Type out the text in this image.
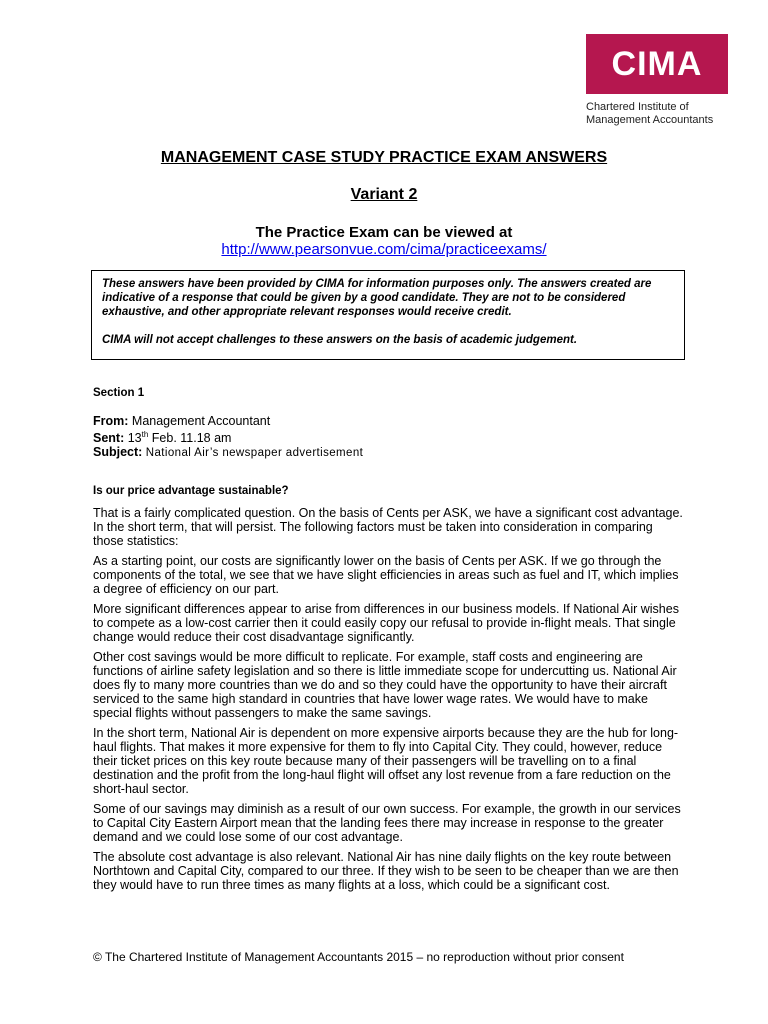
CIMA
Chartered Institute of
Management Accountants
MANAGEMENT CASE STUDY PRACTICE EXAM ANSWERS
Variant 2
The Practice Exam can be viewed at
http://www.pearsonvue.com/cima/practiceexams/

These answers have been provided by CIMA for information purposes only. The answers created are indicative of a response that could be given by a good candidate. They are not to be considered exhaustive, and other appropriate relevant responses would receive credit.

CIMA will not accept challenges to these answers on the basis of academic judgement.

Section 1
From: Management Accountant
Sent: 13th Feb. 11.18 am
Subject: National Air’s newspaper advertisement
Is our price advantage sustainable?

That is a fairly complicated question. On the basis of Cents per ASK, we have a significant cost advantage. In the short term, that will persist. The following factors must be taken into consideration in comparing those statistics:

As a starting point, our costs are significantly lower on the basis of Cents per ASK. If we go through the components of the total, we see that we have slight efficiencies in areas such as fuel and IT, which implies a degree of efficiency on our part.

More significant differences appear to arise from differences in our business models. If National Air wishes to compete as a low-cost carrier then it could easily copy our refusal to provide in-flight meals. That single change would reduce their cost disadvantage significantly.

Other cost savings would be more difficult to replicate. For example, staff costs and engineering are functions of airline safety legislation and so there is little immediate scope for undercutting us. National Air does fly to many more countries than we do and so they could have the opportunity to have their aircraft serviced to the same high standard in countries that have lower wage rates. We would have to make special flights without passengers to make the same savings.

In the short term, National Air is dependent on more expensive airports because they are the hub for long-haul flights. That makes it more expensive for them to fly into Capital City. They could, however, reduce their ticket prices on this key route because many of their passengers will be travelling on to a final destination and the profit from the long-haul flight will offset any lost revenue from a fare reduction on the short-haul sector.

Some of our savings may diminish as a result of our own success. For example, the growth in our services to Capital City Eastern Airport mean that the landing fees there may increase in response to the greater demand and we could lose some of our cost advantage.

The absolute cost advantage is also relevant. National Air has nine daily flights on the key route between Northtown and Capital City, compared to our three. If they wish to be seen to be cheaper than we are then they would have to run three times as many flights at a loss, which could be a significant cost.

© The Chartered Institute of Management Accountants 2015 – no reproduction without prior consent
